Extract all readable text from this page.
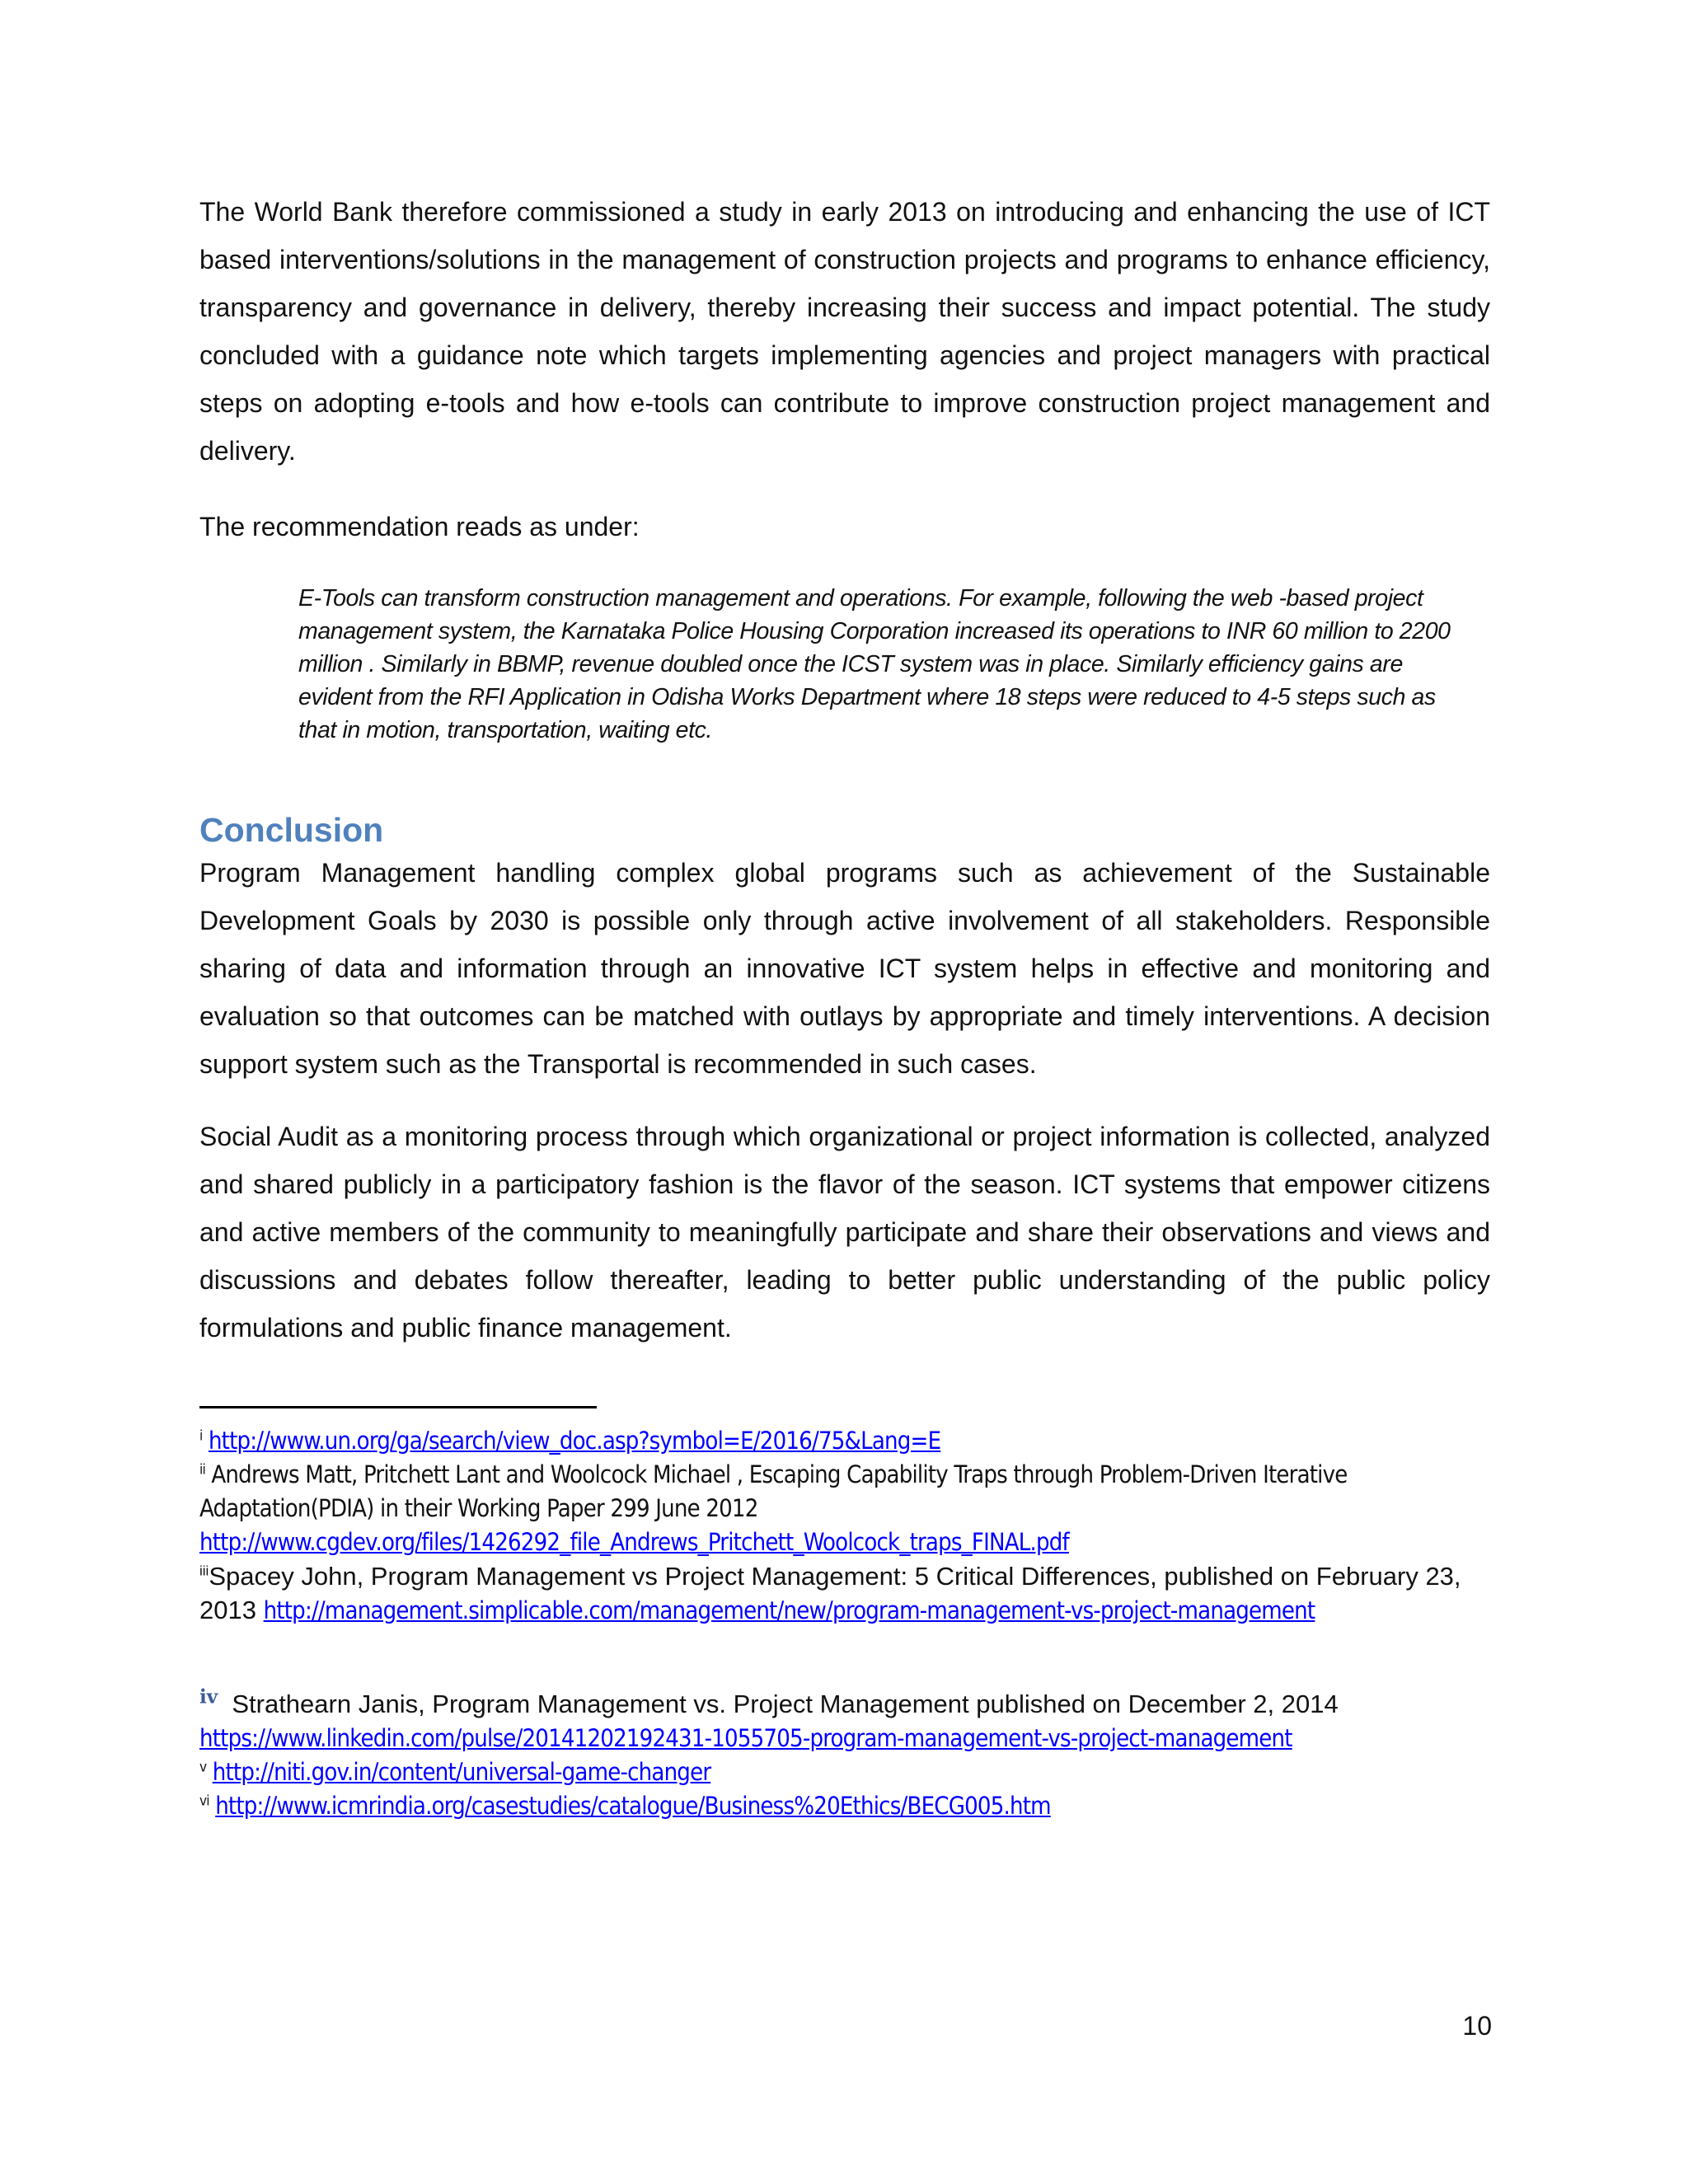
The World Bank therefore commissioned a study in early 2013 on introducing and enhancing the use of ICT based interventions/solutions in the management of construction projects and programs to enhance efficiency, transparency and governance in delivery, thereby increasing their success and impact potential. The study concluded with a guidance note which targets implementing agencies and project managers with practical steps on adopting e-tools and how e-tools can contribute to improve construction project management and delivery.

The recommendation reads as under:

E-Tools can transform construction management and operations. For example, following the web -based project management system, the Karnataka Police Housing Corporation increased its operations to INR 60 million to 2200 million . Similarly in BBMP, revenue doubled once the ICST system was in place. Similarly efficiency gains are evident from the RFI Application in Odisha Works Department where 18 steps were reduced to 4-5 steps such as that in motion, transportation, waiting etc.

Conclusion

Program Management handling complex global programs such as achievement of the Sustainable Development Goals by 2030 is possible only through active involvement of all stakeholders. Responsible sharing of data and information through an innovative ICT system helps in effective and monitoring and evaluation so that outcomes can be matched with outlays by appropriate and timely interventions. A decision support system such as the Transportal is recommended in such cases.

Social Audit as a monitoring process through which organizational or project information is collected, analyzed and shared publicly in a participatory fashion is the flavor of the season. ICT systems that empower citizens and active members of the community to meaningfully participate and share their observations and views and discussions and debates follow thereafter, leading to better public understanding of the public policy formulations and public finance management.

$^i$ http://www.un.org/ga/search/view_doc.asp?symbol=E/2016/75&Lang=E

$^{ii}$ Andrews Matt, Pritchett Lant and Woolcock Michael , Escaping Capability Traps through Problem-Driven Iterative Adaptation(PDIA) in their Working Paper 299 June 2012
http://www.cgdev.org/files/1426292_file_Andrews_Pritchett_Woolcock_traps_FINAL.pdf

$^{iii}$Spacey John, Program Management vs Project Management: 5 Critical Differences, published on February 23, 2013 http://management.simplicable.com/management/new/program-management-vs-project-management

$^{iv}$ Strathearn Janis, Program Management vs. Project Management published on December 2, 2014
https://www.linkedin.com/pulse/20141202192431-1055705-program-management-vs-project-management

$^v$ http://niti.gov.in/content/universal-game-changer

$^{vi}$ http://www.icmrindia.org/casestudies/catalogue/Business%20Ethics/BECG005.htm

10
